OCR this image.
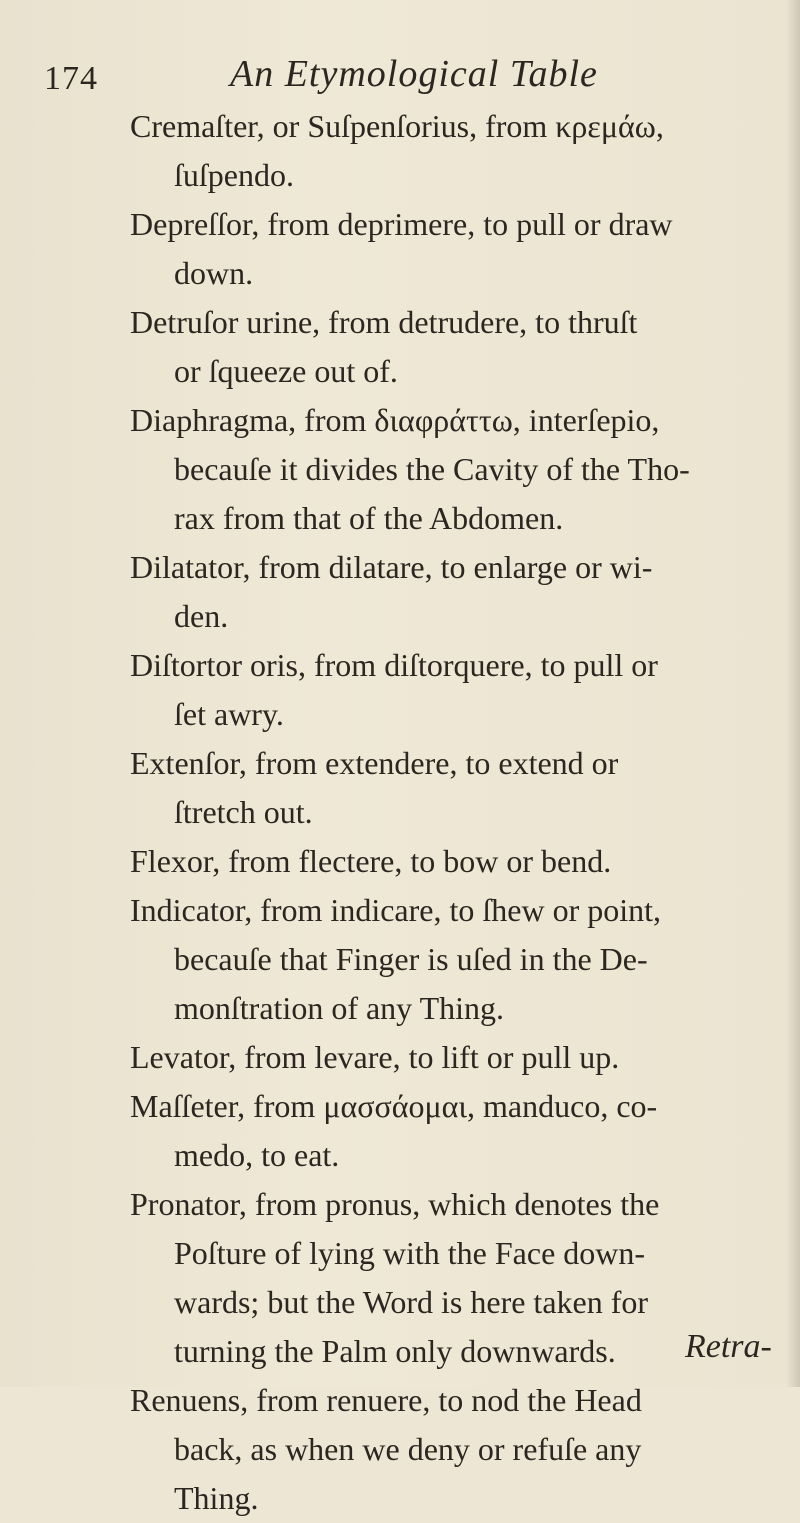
174	An Etymological Table
Cremaſter, or Suſpenſorius, from κρεμάω,
ſuſpendo.
Depreſſor, from deprimere, to pull or draw
down.
Detruſor urine, from detrudere, to thruſt
or ſqueeze out of.
Diaphragma, from διαφράττω, interſepio,
becauſe it divides the Cavity of the Tho-
rax from that of the Abdomen.
Dilatator, from dilatare, to enlarge or wi-
den.
Diſtortor oris, from diſtorquere, to pull or
ſet awry.
Extenſor, from extendere, to extend or
ſtretch out.
Flexor, from flectere, to bow or bend.
Indicator, from indicare, to ſhew or point,
becauſe that Finger is uſed in the De-
monſtration of any Thing.
Levator, from levare, to lift or pull up.
Maſſeter, from μασσάομαι, manduco, co-
medo, to eat.
Pronator, from pronus, which denotes the
Poſture of lying with the Face down-
wards; but the Word is here taken for
turning the Palm only downwards.
Renuens, from renuere, to nod the Head
back, as when we deny or refuſe any
Thing.
Retra-
